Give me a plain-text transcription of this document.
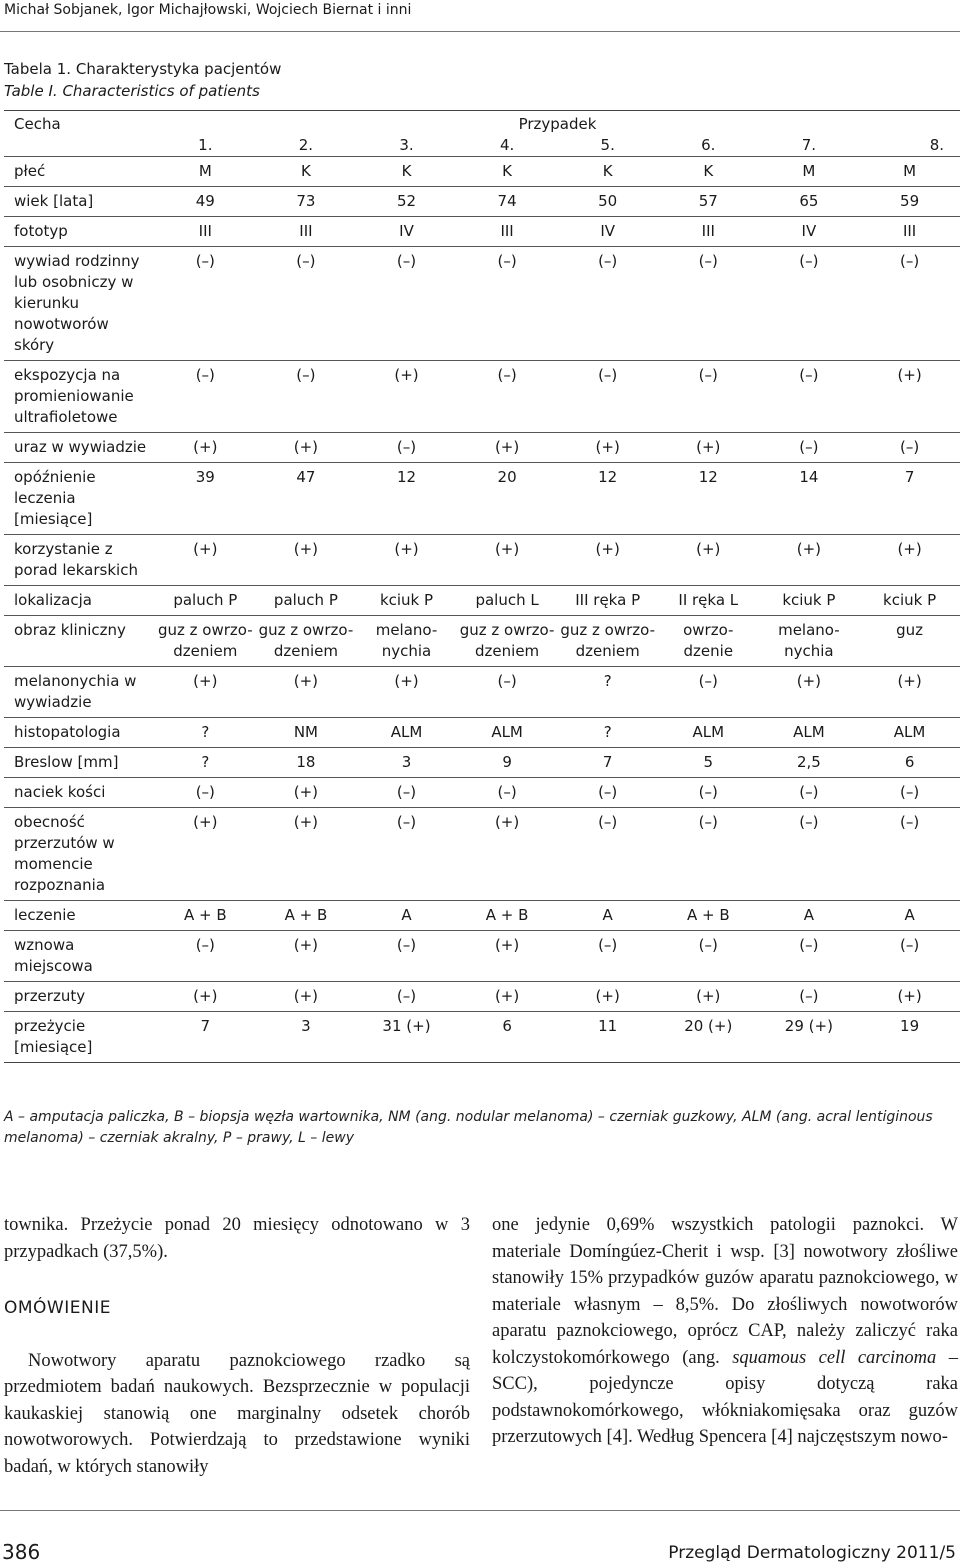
Michał Sobjanek, Igor Michajłowski, Wojciech Biernat i inni
Tabela 1. Charakterystyka pacjentów
Table I. Characteristics of patients
Cecha	Przypadek							
	1.	2.	3.	4.	5.	6.	7.	8.
płeć	M	K	K	K	K	K	M	M
wiek [lata]	49	73	52	74	50	57	65	59
fototyp	III	III	IV	III	IV	III	IV	III
wywiad rodzinny lub osobniczy w kierunku nowotworów skóry	(–)	(–)	(–)	(–)	(–)	(–)	(–)	(–)
ekspozycja na promieniowanie ultrafioletowe	(–)	(–)	(+)	(–)	(–)	(–)	(–)	(+)
uraz w wywiadzie	(+)	(+)	(–)	(+)	(+)	(+)	(–)	(–)
opóźnienie leczenia [miesiące]	39	47	12	20	12	12	14	7
korzystanie z porad lekarskich	(+)	(+)	(+)	(+)	(+)	(+)	(+)	(+)
lokalizacja	paluch P	paluch P	kciuk P	paluch L	III ręka P	II ręka L	kciuk P	kciuk P
obraz kliniczny	guz z owrzo- dzeniem	guz z owrzo- dzeniem	melano- nychia	guz z owrzo- dzeniem	guz z owrzo- dzeniem	owrzo- dzenie	melano- nychia	guz
melanonychia w wywiadzie	(+)	(+)	(+)	(–)	?	(–)	(+)	(+)
histopatologia	?	NM	ALM	ALM	?	ALM	ALM	ALM
Breslow [mm]	?	18	3	9	7	5	2,5	6
naciek kości	(–)	(+)	(–)	(–)	(–)	(–)	(–)	(–)
obecność przerzutów w momencie rozpoznania	(+)	(+)	(–)	(+)	(–)	(–)	(–)	(–)
leczenie	A + B	A + B	A	A + B	A	A + B	A	A
wznowa miejscowa	(–)	(+)	(–)	(+)	(–)	(–)	(–)	(–)
przerzuty	(+)	(+)	(–)	(+)	(+)	(+)	(–)	(+)
przeżycie [miesiące]	7	3	31 (+)	6	11	20 (+)	29 (+)	19
A – amputacja paliczka, B – biopsja węzła wartownika, NM (ang. nodular melanoma) – czerniak guzkowy, ALM (ang. acral lentiginous melanoma) – czerniak akralny, P – prawy, L – lewy

townika. Przeżycie ponad 20 miesięcy odnotowano w 3 przypadkach (37,5%).

OMÓWIENIE

Nowotwory aparatu paznokciowego rzadko są przedmiotem badań naukowych. Bezsprzecznie w populacji kaukaskiej stanowią one marginalny odsetek chorób nowotworowych. Potwierdzają to przedstawione wyniki badań, w których stanowiły

one jedynie 0,69% wszystkich patologii paznokci. W materiale Domíngúez-Cherit i wsp. [3] nowotwory złośliwe stanowiły 15% przypadków guzów aparatu paznokciowego, w materiale własnym – 8,5%. Do złośliwych nowotworów aparatu paznokciowego, oprócz CAP, należy zaliczyć raka kolczystokomórkowego (ang. squamous cell carcinoma – SCC), pojedyncze opisy dotyczą raka podstawnokomórkowego, włókniakomięsaka oraz guzów przerzutowych [4]. Według Spencera [4] najczęstszym nowo-

386	Przegląd Dermatologiczny 2011/5
